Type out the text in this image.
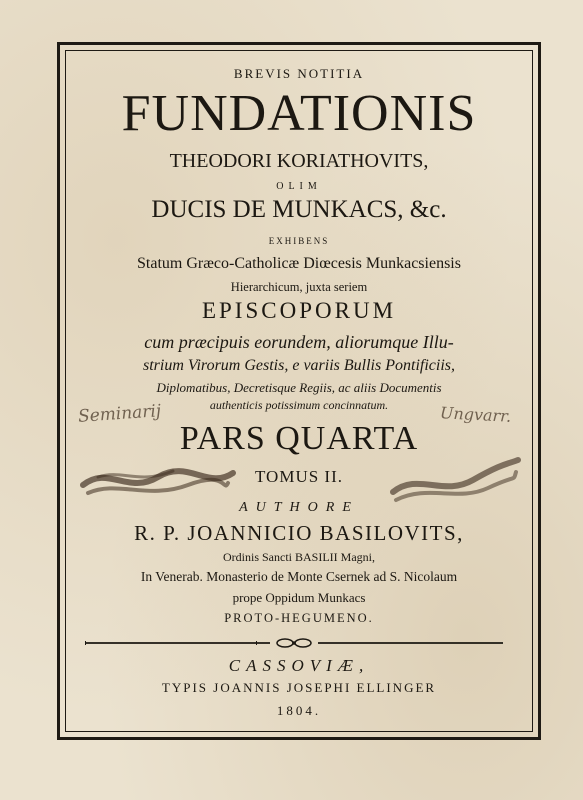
BREVIS NOTITIA
FUNDATIONIS
THEODORI KORIATHOVITS,
OLIM
DUCIS DE MUNKACS, &c.
EXHIBENS
Statum Græco-Catholicæ Diœcesis Munkacsiensis
Hierarchicum, juxta seriem
EPISCOPORUM
cum præcipuis eorundem, aliorumque Illu-
strium Virorum Gestis, e variis Bullis Pontificiis,
Diplomatibus, Decretisque Regiis, ac aliis Documentis
authenticis potissimum concinnatum.
Seminarij	Ungvarr.
PARS QUARTA
TOMUS II.
AUTHORE
R. P. JOANNICIO BASILOVITS,
Ordinis Sancti BASILII Magni,
In Venerab. Monasterio de Monte Csernek ad S. Nicolaum
prope Oppidum Munkacs
PROTO-HEGUMENO.
CASSOVIÆ,
TYPIS JOANNIS JOSEPHI ELLINGER
1804.
